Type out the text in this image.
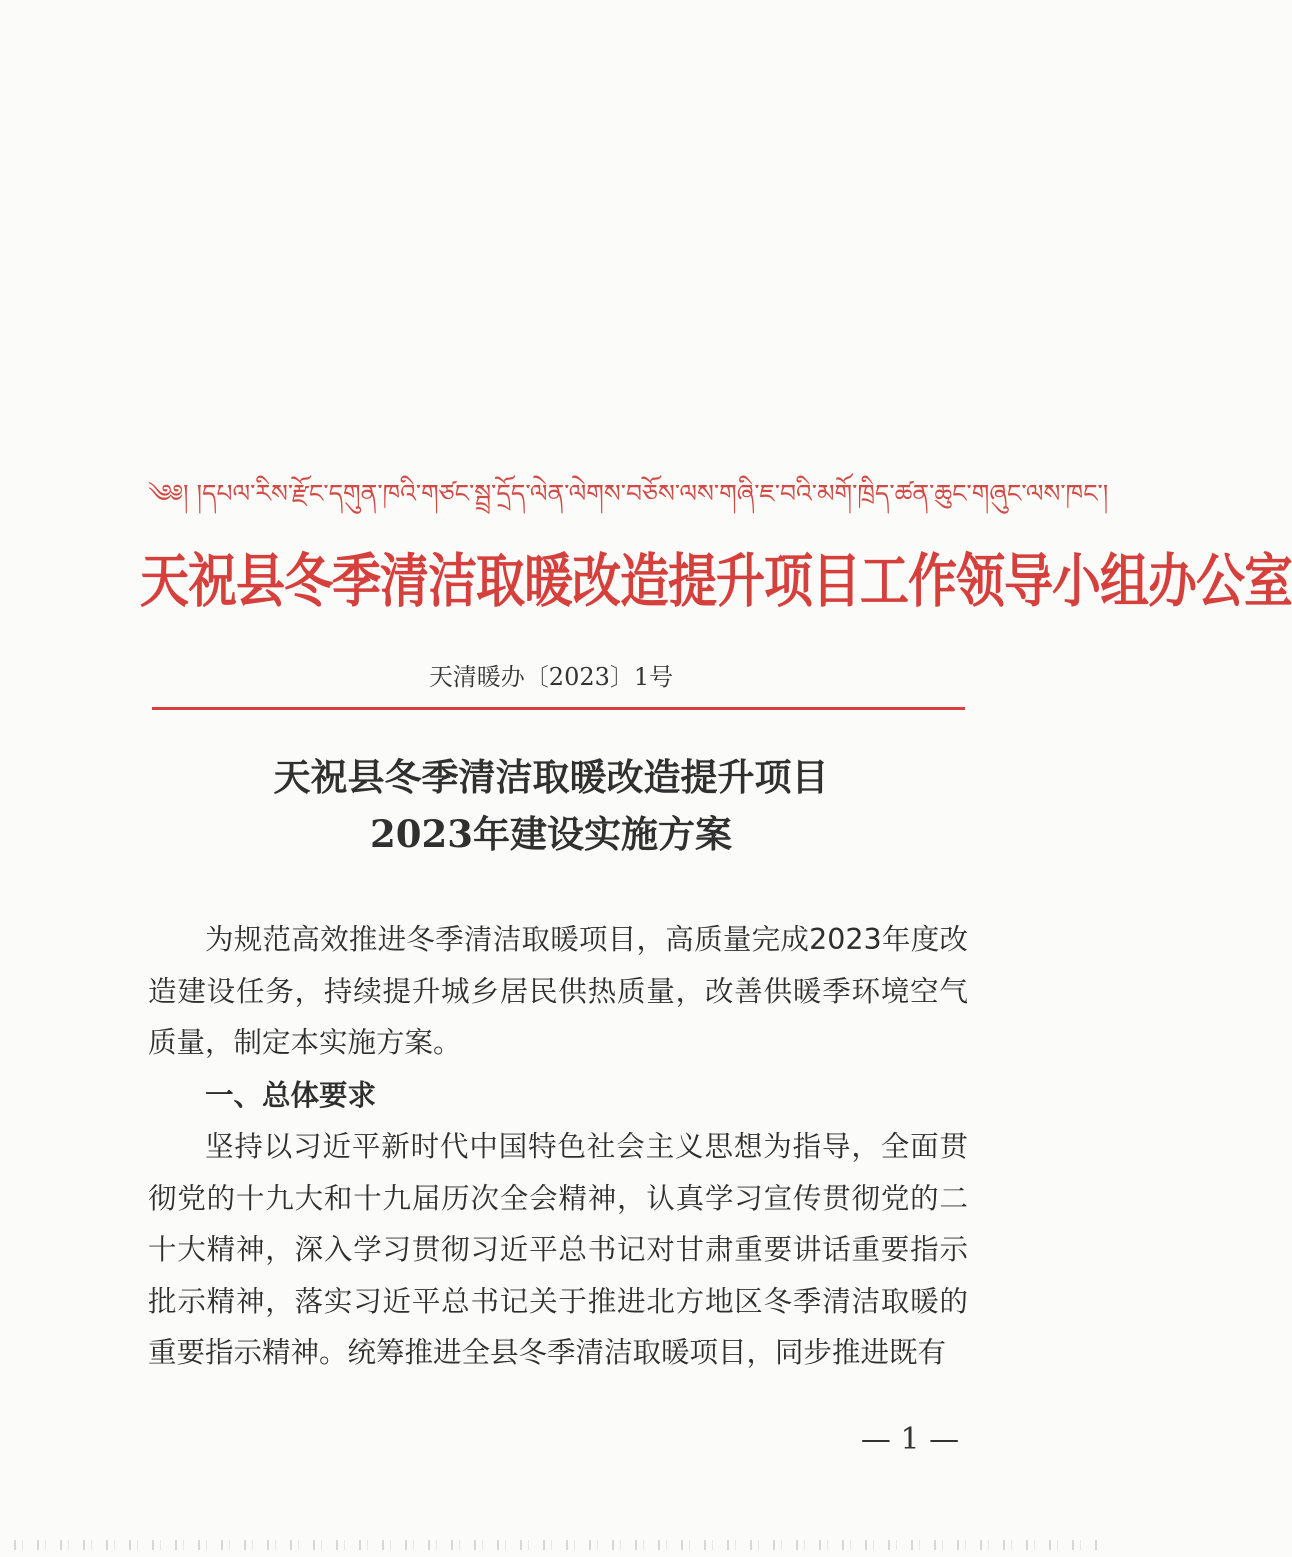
༄༅། །དཔལ་རིས་རྫོང་དགུན་ཁའི་གཙང་སྦྲ་དྲོད་ལེན་ལེགས་བཅོས་ལས་གཞི་ཇ་བའི་མགོ་ཁྲིད་ཚན་ཆུང་གཞུང་ལས་ཁང་།
天祝县冬季清洁取暖改造提升项目工作领导小组办公室
天清暖办〔2023〕1号
天祝县冬季清洁取暖改造提升项目
2023年建设实施方案
为规范高效推进冬季清洁取暖项目，高质量完成2023年度改造建设任务，持续提升城乡居民供热质量，改善供暖季环境空气质量，制定本实施方案。
一、总体要求
坚持以习近平新时代中国特色社会主义思想为指导，全面贯彻党的十九大和十九届历次全会精神，认真学习宣传贯彻党的二十大精神，深入学习贯彻习近平总书记对甘肃重要讲话重要指示批示精神，落实习近平总书记关于推进北方地区冬季清洁取暖的重要指示精神。统筹推进全县冬季清洁取暖项目，同步推进既有
— 1 —
